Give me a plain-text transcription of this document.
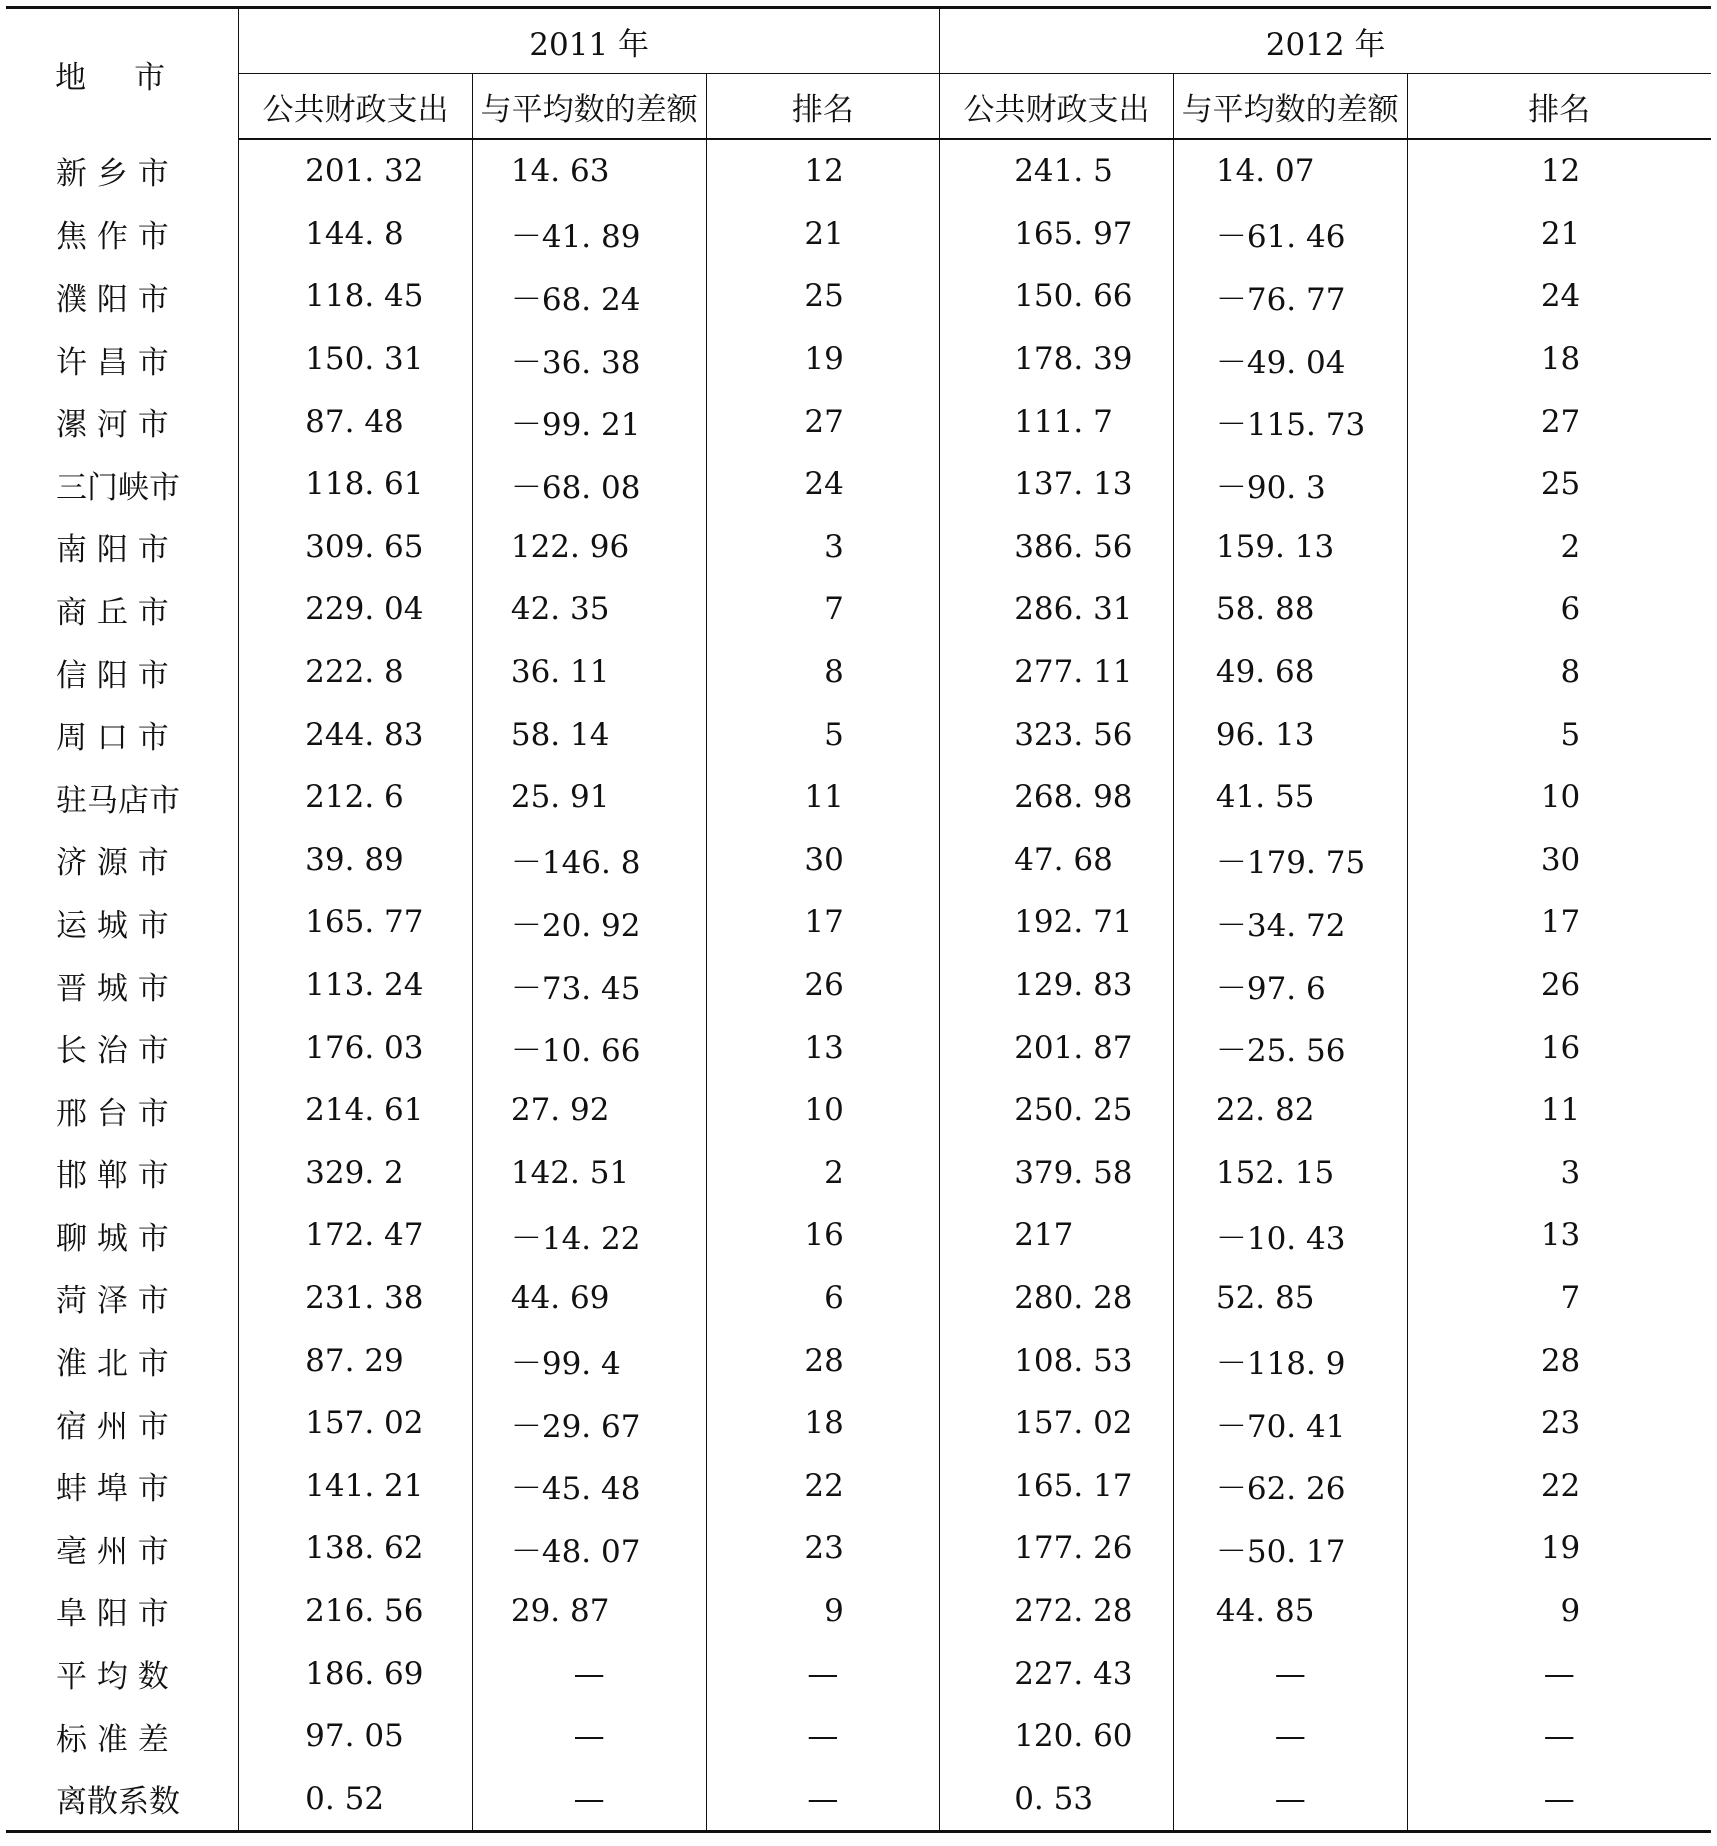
地市	2011 年			2012 年		
	公共财政支出	与平均数的差额	排名	公共财政支出	与平均数的差额	排名
新 乡 市	201. 32	14. 63	12	241. 5	14. 07	12
焦 作 市	144. 8	－41. 89	21	165. 97	－61. 46	21
濮 阳 市	118. 45	－68. 24	25	150. 66	－76. 77	24
许 昌 市	150. 31	－36. 38	19	178. 39	－49. 04	18
漯 河 市	87. 48	－99. 21	27	111. 7	－115. 73	27
三门峡市	118. 61	－68. 08	24	137. 13	－90. 3	25
南 阳 市	309. 65	122. 96	3	386. 56	159. 13	2
商 丘 市	229. 04	42. 35	7	286. 31	58. 88	6
信 阳 市	222. 8	36. 11	8	277. 11	49. 68	8
周 口 市	244. 83	58. 14	5	323. 56	96. 13	5
驻马店市	212. 6	25. 91	11	268. 98	41. 55	10
济 源 市	39. 89	－146. 8	30	47. 68	－179. 75	30
运 城 市	165. 77	－20. 92	17	192. 71	－34. 72	17
晋 城 市	113. 24	－73. 45	26	129. 83	－97. 6	26
长 治 市	176. 03	－10. 66	13	201. 87	－25. 56	16
邢 台 市	214. 61	27. 92	10	250. 25	22. 82	11
邯 郸 市	329. 2	142. 51	2	379. 58	152. 15	3
聊 城 市	172. 47	－14. 22	16	217	－10. 43	13
菏 泽 市	231. 38	44. 69	6	280. 28	52. 85	7
淮 北 市	87. 29	－99. 4	28	108. 53	－118. 9	28
宿 州 市	157. 02	－29. 67	18	157. 02	－70. 41	23
蚌 埠 市	141. 21	－45. 48	22	165. 17	－62. 26	22
亳 州 市	138. 62	－48. 07	23	177. 26	－50. 17	19
阜 阳 市	216. 56	29. 87	9	272. 28	44. 85	9
平 均 数	186. 69	—	—	227. 43	—	—
标 准 差	97. 05	—	—	120. 60	—	—
离散系数	0. 52	—	—	0. 53	—	—
